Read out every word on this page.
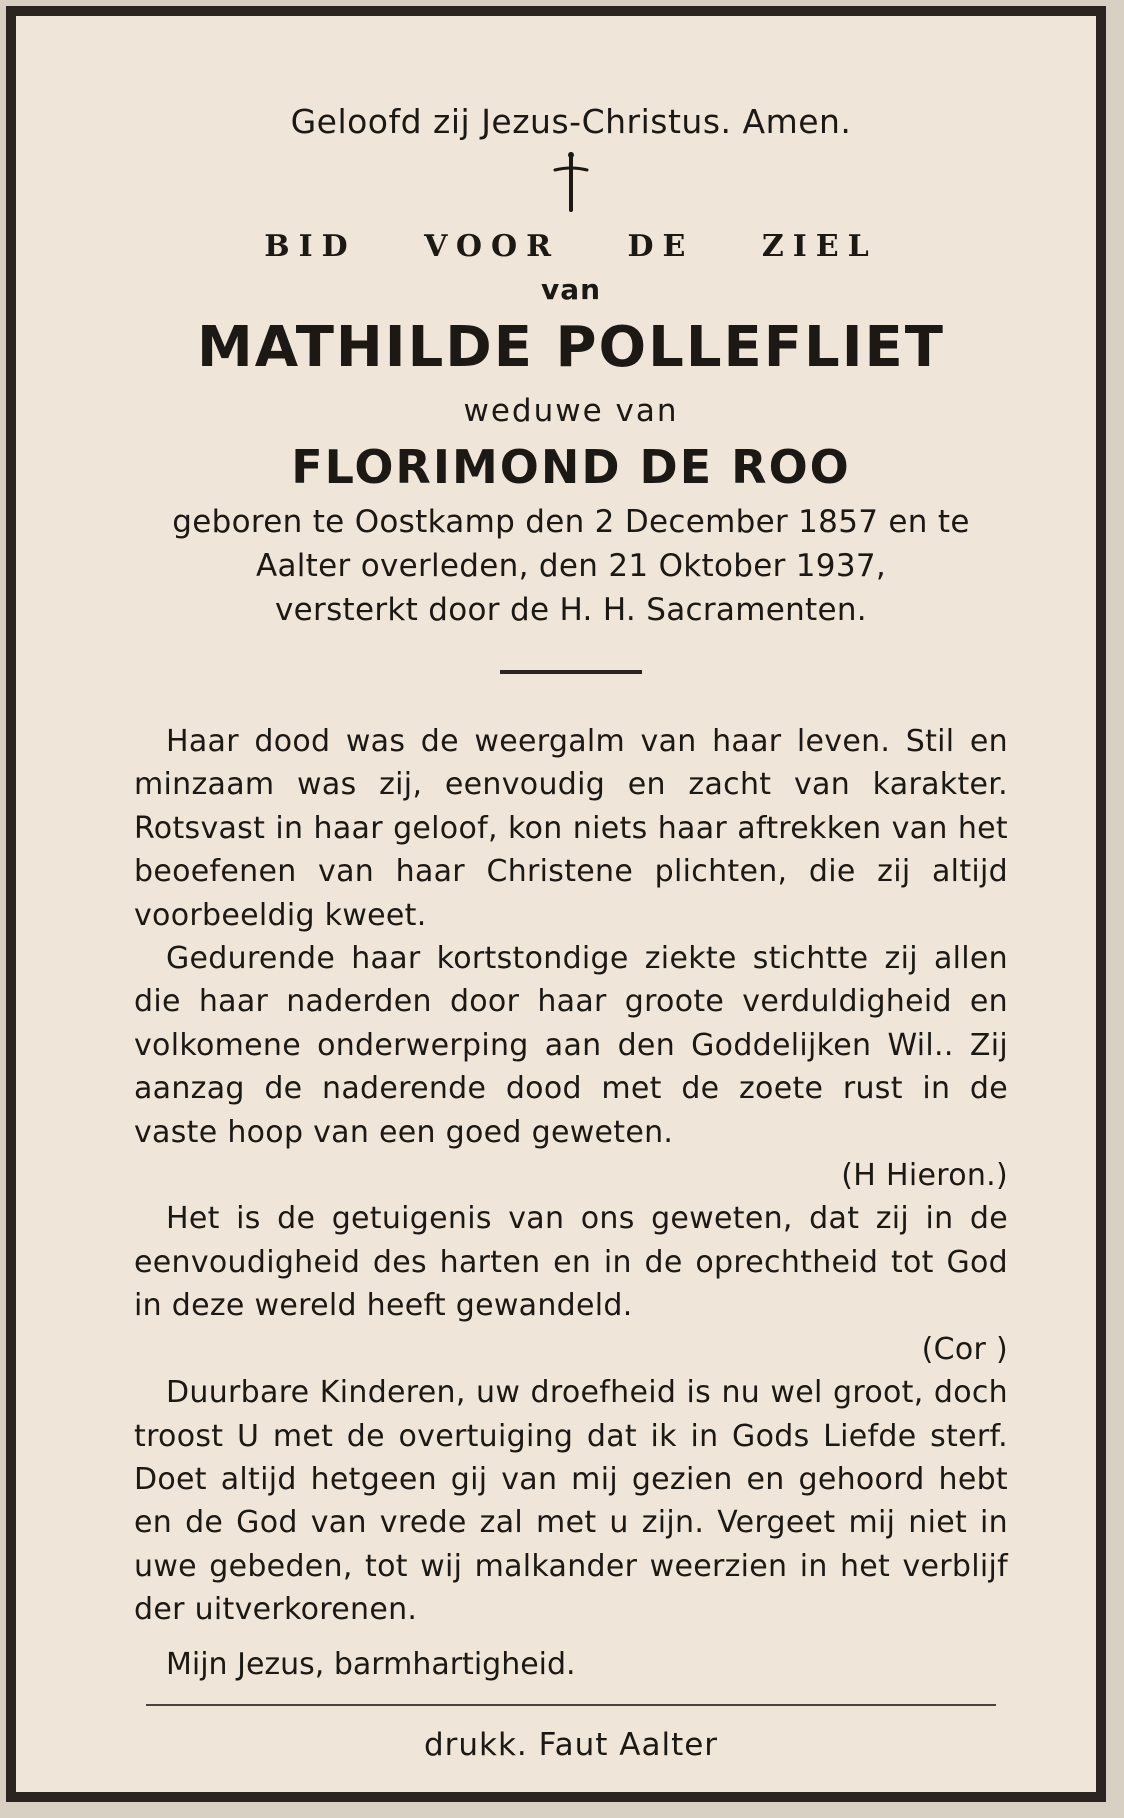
Geloofd zij Jezus-Christus. Amen.
BID VOOR DE ZIEL
van
MATHILDE POLLEFLIET
weduwe van
FLORIMOND DE ROO
geboren te Oostkamp den 2 December 1857 en te
Aalter overleden, den 21 Oktober 1937,
versterkt door de H. H. Sacramenten.

Haar dood was de weergalm van haar leven. Stil en minzaam was zij, eenvoudig en zacht van karakter. Rotsvast in haar geloof, kon niets haar aftrekken van het beoefenen van haar Christene plichten, die zij altijd voorbeeldig kweet.

Gedurende haar kortstondige ziekte stichtte zij allen die haar naderden door haar groote verduldigheid en volkomene onderwerping aan den Goddelijken Wil.. Zij aanzag de naderende dood met de zoete rust in de vaste hoop van een goed geweten.

(H Hieron.)

Het is de getuigenis van ons geweten, dat zij in de eenvoudigheid des harten en in de oprechtheid tot God in deze wereld heeft gewandeld.

(Cor )

Duurbare Kinderen, uw droefheid is nu wel groot, doch troost U met de overtuiging dat ik in Gods Liefde sterf. Doet altijd hetgeen gij van mij gezien en gehoord hebt en de God van vrede zal met u zijn. Vergeet mij niet in uwe gebeden, tot wij malkander weerzien in het verblijf der uitverkorenen.

Mijn Jezus, barmhartigheid.
drukk. Faut Aalter
